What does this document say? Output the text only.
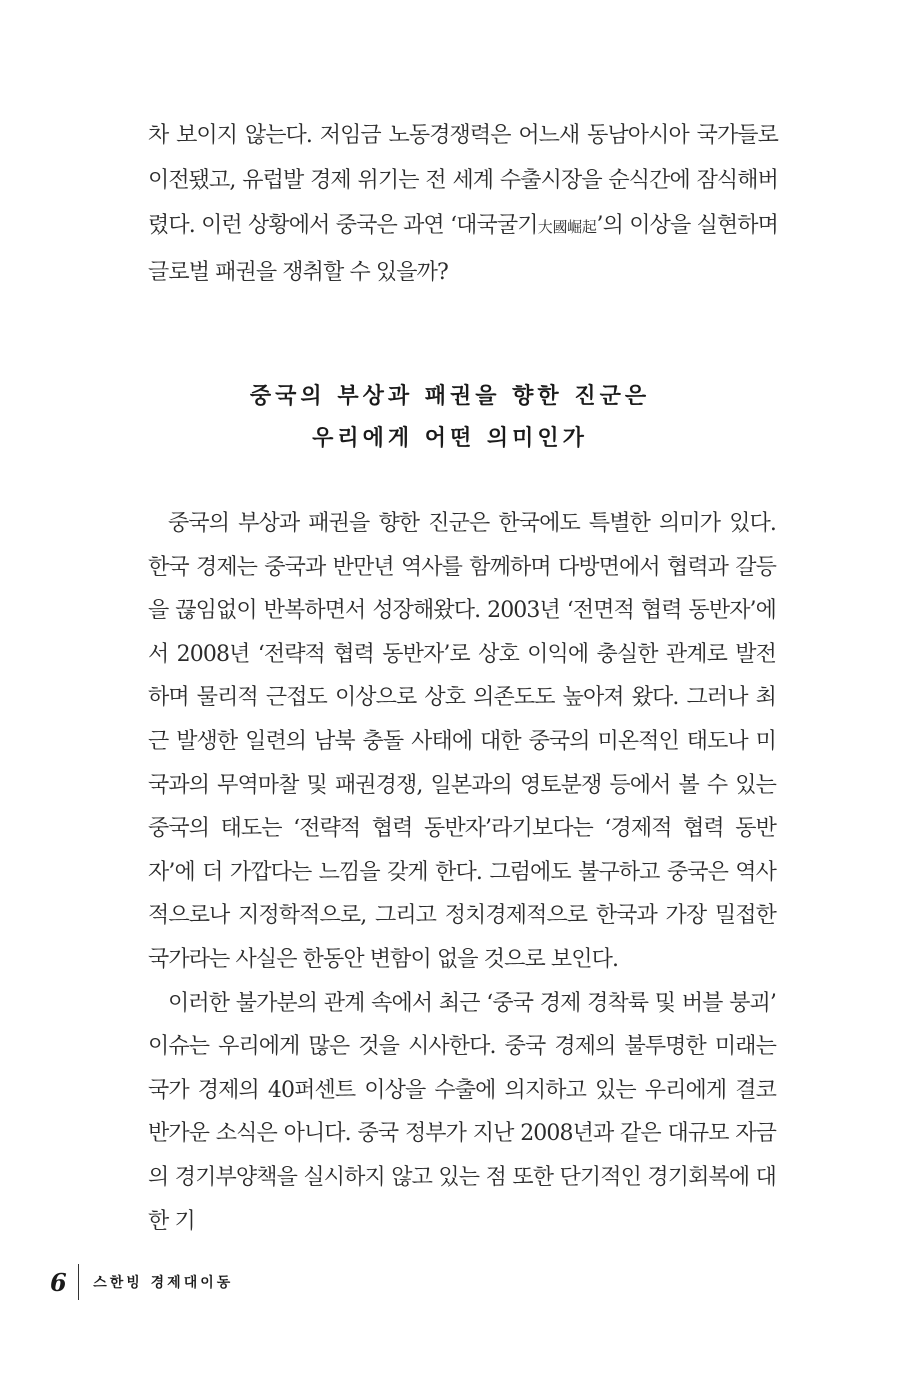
차 보이지 않는다. 저임금 노동경쟁력은 어느새 동남아시아 국가들로 이전됐고, 유럽발 경제 위기는 전 세계 수출시장을 순식간에 잠식해버렸다. 이런 상황에서 중국은 과연 ‘대국굴기大國崛起’의 이상을 실현하며 글로벌 패권을 쟁취할 수 있을까?

중국의 부상과 패권을 향한 진군은
우리에게 어떤 의미인가

중국의 부상과 패권을 향한 진군은 한국에도 특별한 의미가 있다. 한국 경제는 중국과 반만년 역사를 함께하며 다방면에서 협력과 갈등을 끊임없이 반복하면서 성장해왔다. 2003년 ‘전면적 협력 동반자’에서 2008년 ‘전략적 협력 동반자’로 상호 이익에 충실한 관계로 발전하며 물리적 근접도 이상으로 상호 의존도도 높아져 왔다. 그러나 최근 발생한 일련의 남북 충돌 사태에 대한 중국의 미온적인 태도나 미국과의 무역마찰 및 패권경쟁, 일본과의 영토분쟁 등에서 볼 수 있는 중국의 태도는 ‘전략적 협력 동반자’라기보다는 ‘경제적 협력 동반자’에 더 가깝다는 느낌을 갖게 한다. 그럼에도 불구하고 중국은 역사적으로나 지정학적으로, 그리고 정치경제적으로 한국과 가장 밀접한 국가라는 사실은 한동안 변함이 없을 것으로 보인다.

이러한 불가분의 관계 속에서 최근 ‘중국 경제 경착륙 및 버블 붕괴’ 이슈는 우리에게 많은 것을 시사한다. 중국 경제의 불투명한 미래는 국가 경제의 40퍼센트 이상을 수출에 의지하고 있는 우리에게 결코 반가운 소식은 아니다. 중국 정부가 지난 2008년과 같은 대규모 자금의 경기부양책을 실시하지 않고 있는 점 또한 단기적인 경기회복에 대한 기

6 스한빙 경제대이동
